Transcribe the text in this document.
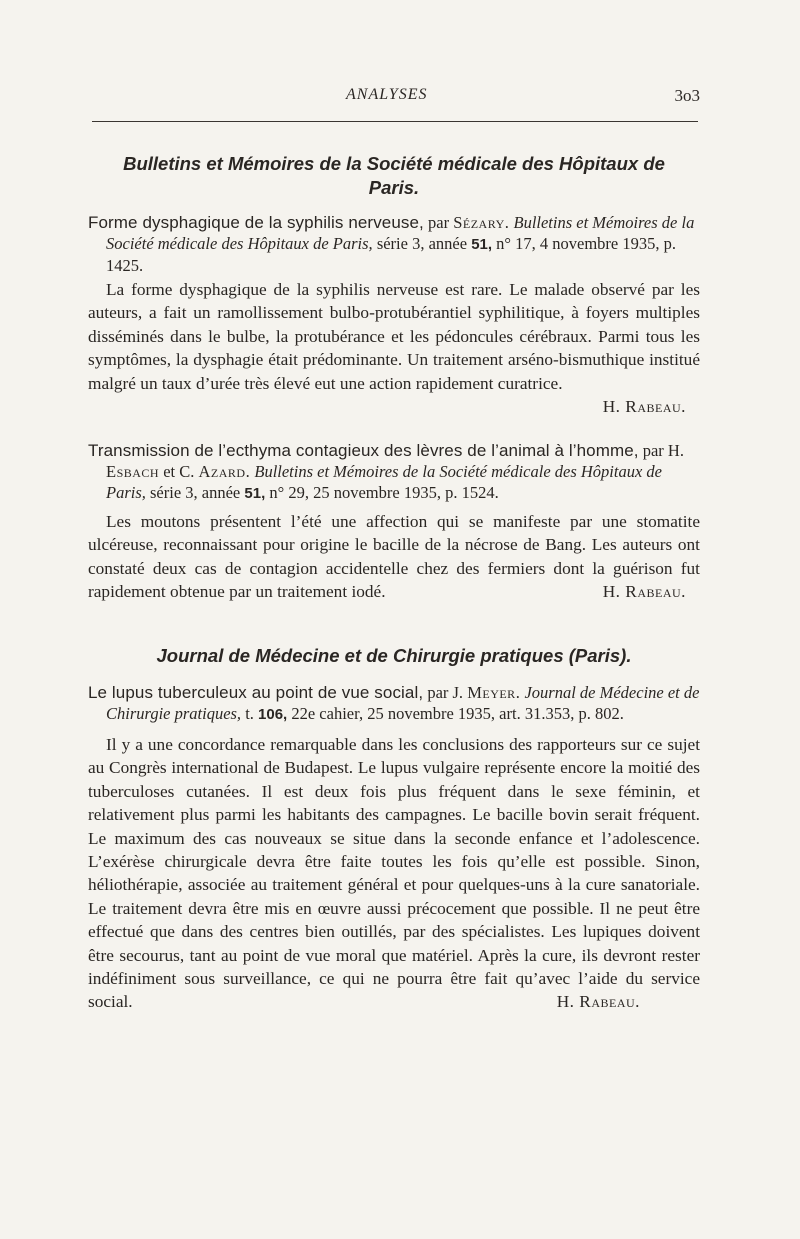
ANALYSES	3o3

Bulletins et Mémoires de la Société médicale des Hôpitaux de Paris.

Forme dysphagique de la syphilis nerveuse, par Sézary. Bulletins et Mémoires de la Société médicale des Hôpitaux de Paris, série 3, année 51, n° 17, 4 novembre 1935, p. 1425.

La forme dysphagique de la syphilis nerveuse est rare. Le malade observé par les auteurs, a fait un ramollissement bulbo-protubérantiel syphilitique, à foyers multiples disséminés dans le bulbe, la protubérance et les pédoncules cérébraux. Parmi tous les symptômes, la dysphagie était prédominante. Un traitement arséno-bismuthique institué malgré un taux d’urée très élevé eut une action rapidement curatrice.

H. Rabeau.

Transmission de l’ecthyma contagieux des lèvres de l’animal à l’homme, par H. Esbach et C. Azard. Bulletins et Mémoires de la Société médicale des Hôpitaux de Paris, série 3, année 51, n° 29, 25 novembre 1935, p. 1524.

Les moutons présentent l’été une affection qui se manifeste par une stomatite ulcéreuse, reconnaissant pour origine le bacille de la nécrose de Bang. Les auteurs ont constaté deux cas de contagion accidentelle chez des fermiers dont la guérison fut rapidement obtenue par un traitement iodé.	H. Rabeau.

Journal de Médecine et de Chirurgie pratiques (Paris).

Le lupus tuberculeux au point de vue social, par J. Meyer. Journal de Médecine et de Chirurgie pratiques, t. 106, 22e cahier, 25 novembre 1935, art. 31.353, p. 802.

Il y a une concordance remarquable dans les conclusions des rapporteurs sur ce sujet au Congrès international de Budapest. Le lupus vulgaire représente encore la moitié des tuberculoses cutanées. Il est deux fois plus fréquent dans le sexe féminin, et relativement plus parmi les habitants des campagnes. Le bacille bovin serait fréquent. Le maximum des cas nouveaux se situe dans la seconde enfance et l’adolescence. L’exérèse chirurgicale devra être faite toutes les fois qu’elle est possible. Sinon, héliothérapie, associée au traitement général et pour quelques-uns à la cure sanatoriale. Le traitement devra être mis en œuvre aussi précocement que possible. Il ne peut être effectué que dans des centres bien outillés, par des spécialistes. Les lupiques doivent être secourus, tant au point de vue moral que matériel. Après la cure, ils devront rester indéfiniment sous surveillance, ce qui ne pourra être fait qu’avec l’aide du service social.	H. Rabeau.
